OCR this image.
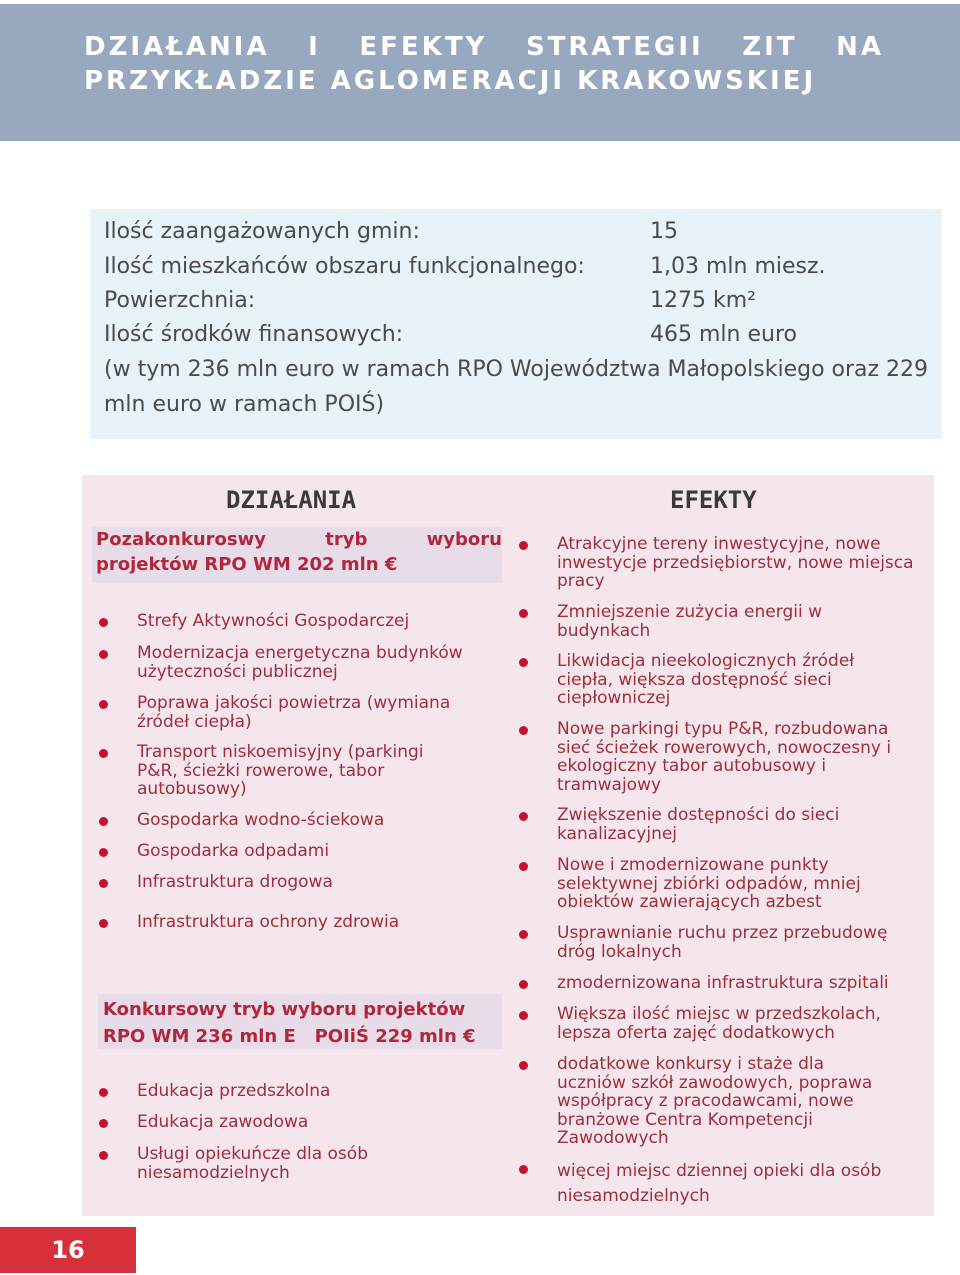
DZIAŁANIA I EFEKTY STRATEGII ZIT NA
PRZYKŁADZIE AGLOMERACJI KRAKOWSKIEJ
Ilość zaangażowanych gmin:	15
Ilość mieszkańców obszaru funkcjonalnego:	1,03 mln miesz.
Powierzchnia:	1275 km²
Ilość środków finansowych:	465 mln euro
(w tym 236 mln euro w ramach RPO Województwa Małopolskiego oraz 229 mln euro w ramach POIŚ)
DZIAŁANIA	EFEKTY
Pozakonkuroswy tryb wyboru
projektów RPO WM 202 mln €
Strefy Aktywności Gospodarczej
Modernizacja energetyczna budynków użyteczności publicznej
Poprawa jakości powietrza (wymiana źródeł ciepła)
Transport niskoemisyjny (parkingi P&R, ścieżki rowerowe, tabor autobusowy)
Gospodarka wodno-ściekowa
Gospodarka odpadami
Infrastruktura drogowa
Infrastruktura ochrony zdrowia
Konkursowy tryb wyboru projektów
RPO WM 236 mln E   POIiŚ 229 mln €
Edukacja przedszkolna
Edukacja zawodowa
Usługi opiekuńcze dla osób niesamodzielnych
Atrakcyjne tereny inwestycyjne, nowe inwestycje przedsiębiorstw, nowe miejsca pracy
Zmniejszenie zużycia energii w budynkach
Likwidacja nieekologicznych źródeł ciepła, większa dostępność sieci ciepłowniczej
Nowe parkingi typu P&R, rozbudowana sieć ścieżek rowerowych, nowoczesny i ekologiczny tabor autobusowy i tramwajowy
Zwiększenie dostępności do sieci kanalizacyjnej
Nowe i zmodernizowane punkty selektywnej zbiórki odpadów, mniej obiektów zawierających azbest
Usprawnianie ruchu przez przebudowę dróg lokalnych
zmodernizowana infrastruktura szpitali
Większa ilość miejsc w przedszkolach, lepsza oferta zajęć dodatkowych
dodatkowe konkursy i staże dla uczniów szkół zawodowych, poprawa współpracy z pracodawcami, nowe branżowe Centra Kompetencji Zawodowych
więcej miejsc dziennej opieki dla osób niesamodzielnych
16
